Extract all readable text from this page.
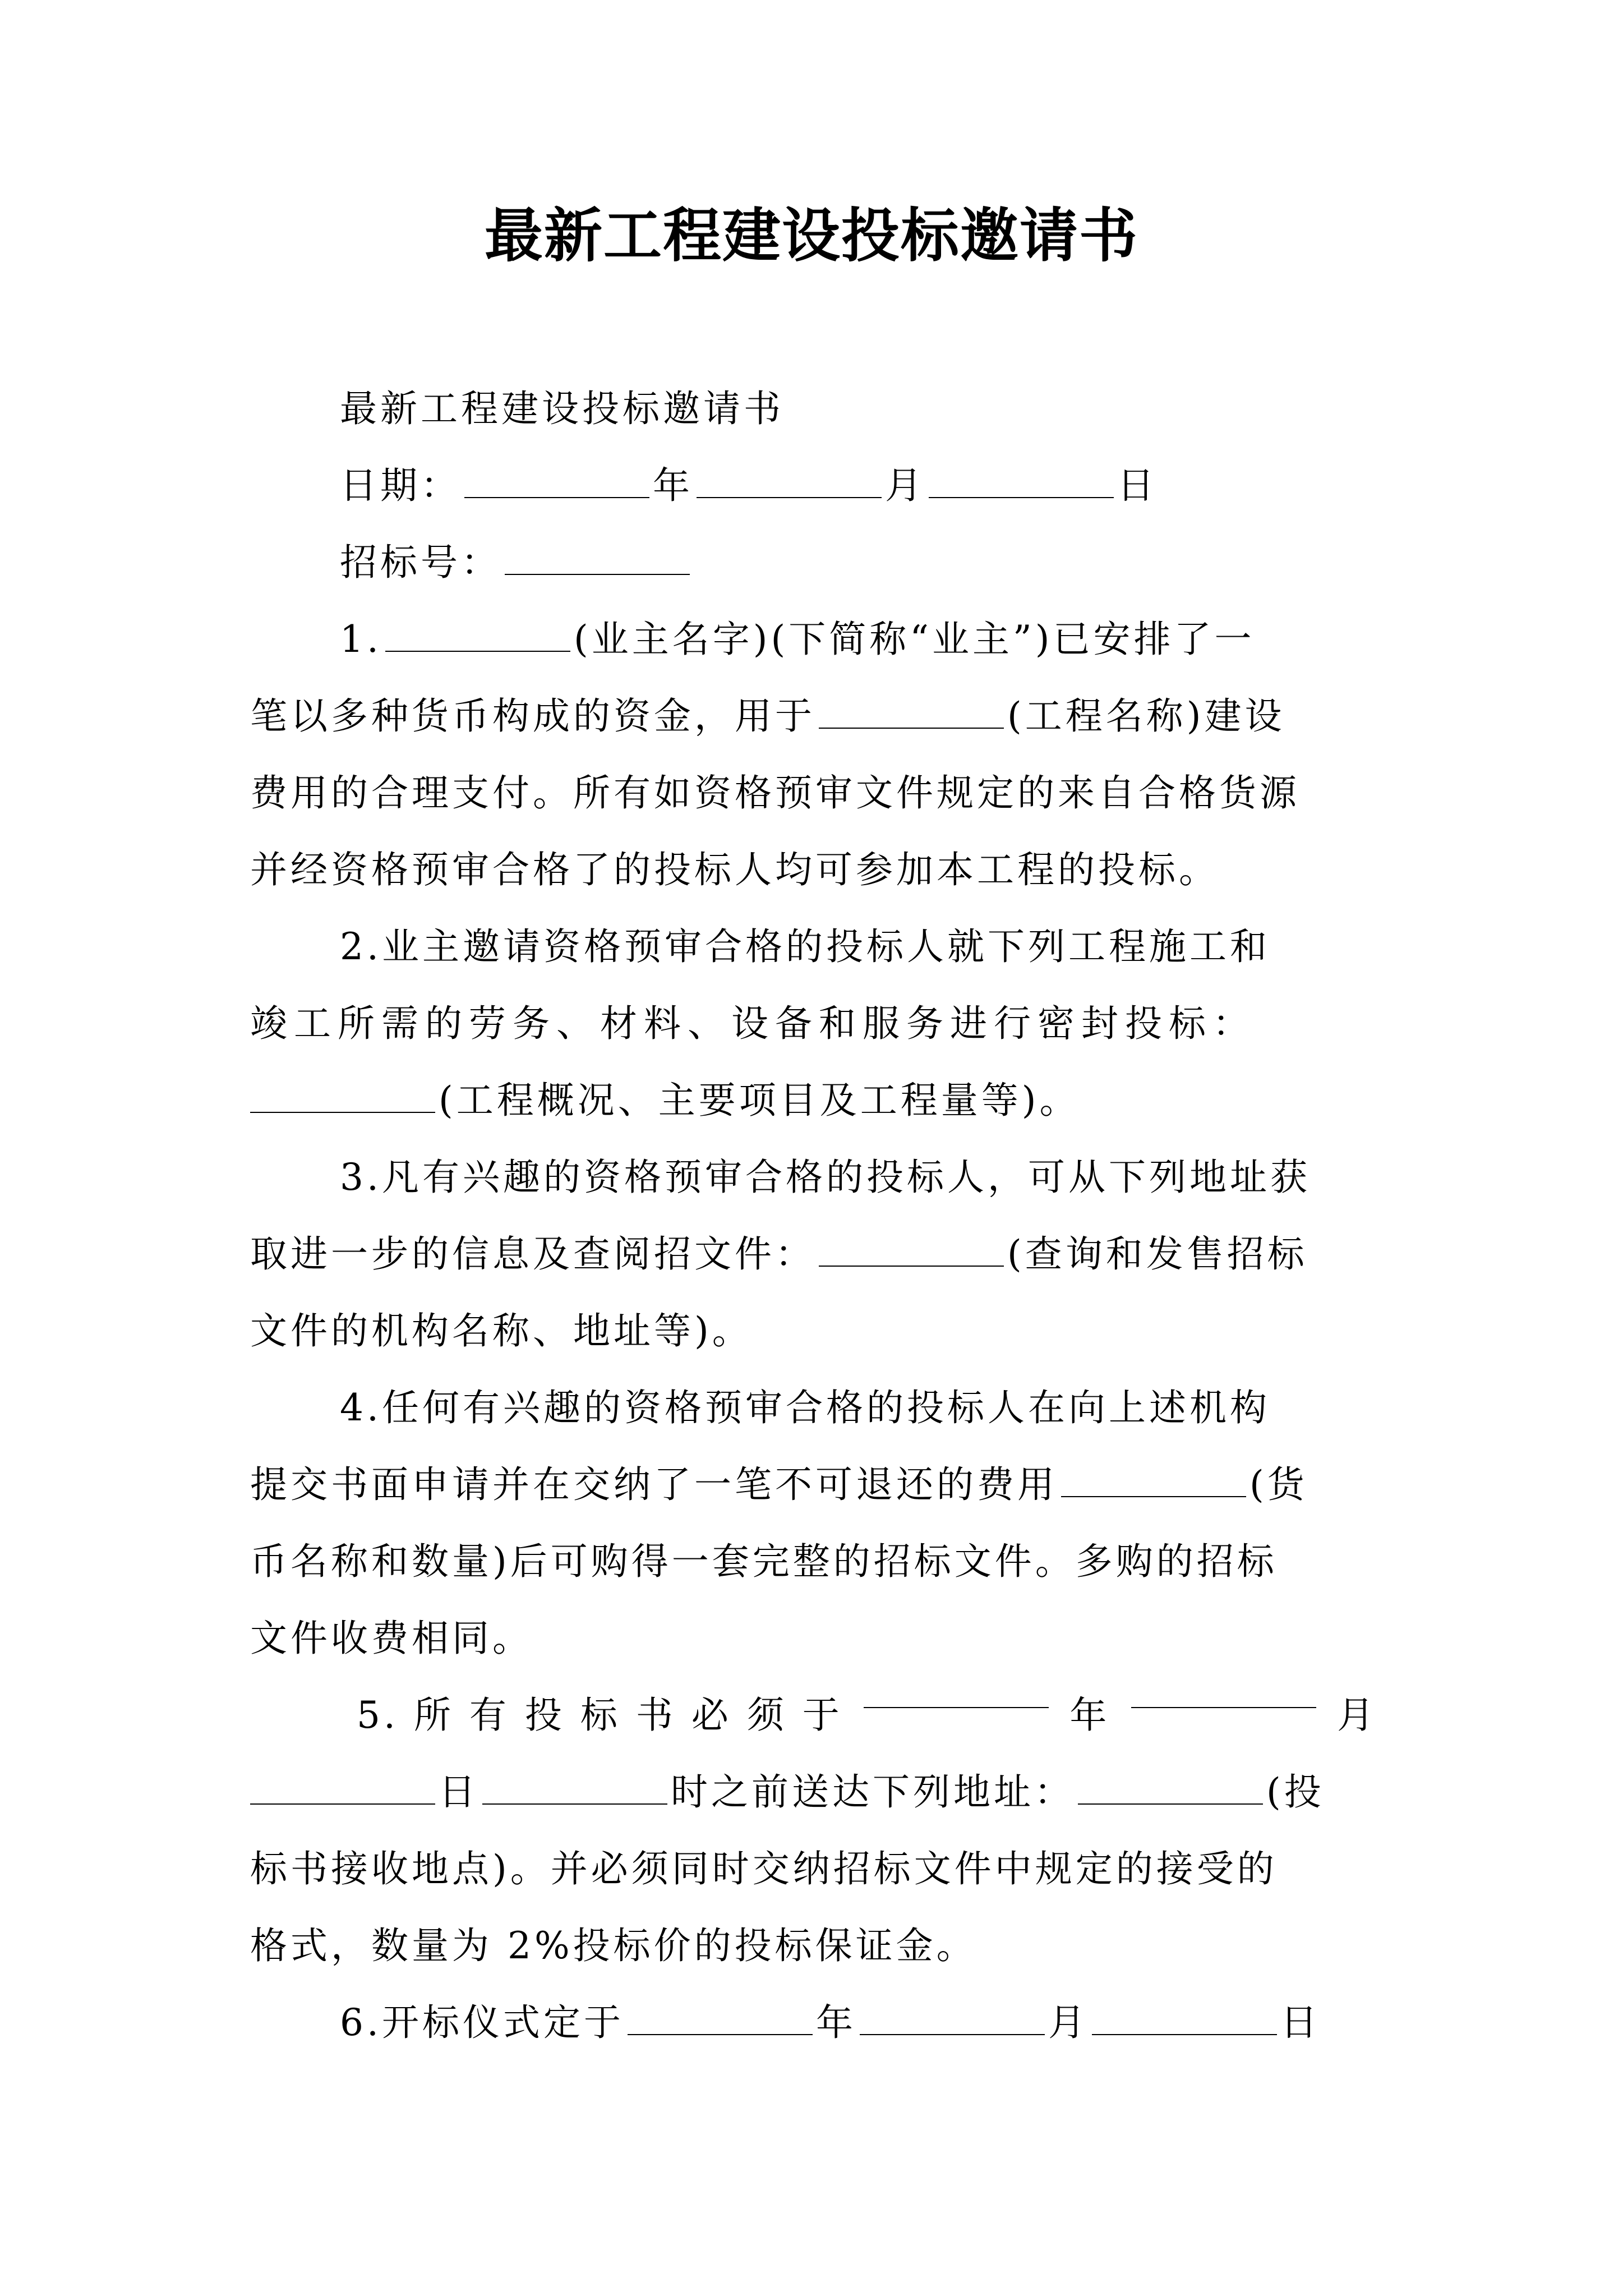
最新工程建设投标邀请书
最新工程建设投标邀请书
日期：	年	月	日
招标号：
1.	(业主名字)(下简称“业主”)已安排了一
笔以多种货币构成的资金，用于	(工程名称)建设
费用的合理支付。所有如资格预审文件规定的来自合格货源
并经资格预审合格了的投标人均可参加本工程的投标。
2.业主邀请资格预审合格的投标人就下列工程施工和
竣工所需的劳务、材料、设备和服务进行密封投标：
(工程概况、主要项目及工程量等)。
3.凡有兴趣的资格预审合格的投标人，可从下列地址获
取进一步的信息及查阅招文件：	(查询和发售招标
文件的机构名称、地址等)。
4.任何有兴趣的资格预审合格的投标人在向上述机构
提交书面申请并在交纳了一笔不可退还的费用	(货
币名称和数量)后可购得一套完整的招标文件。多购的招标
文件收费相同。
5. 所 有 投 标 书 必 须 于	年	月
日	时之前送达下列地址：	(投
标书接收地点)。并必须同时交纳招标文件中规定的接受的
格式，数量为 2%投标价的投标保证金。
6.开标仪式定于	年	月	日
